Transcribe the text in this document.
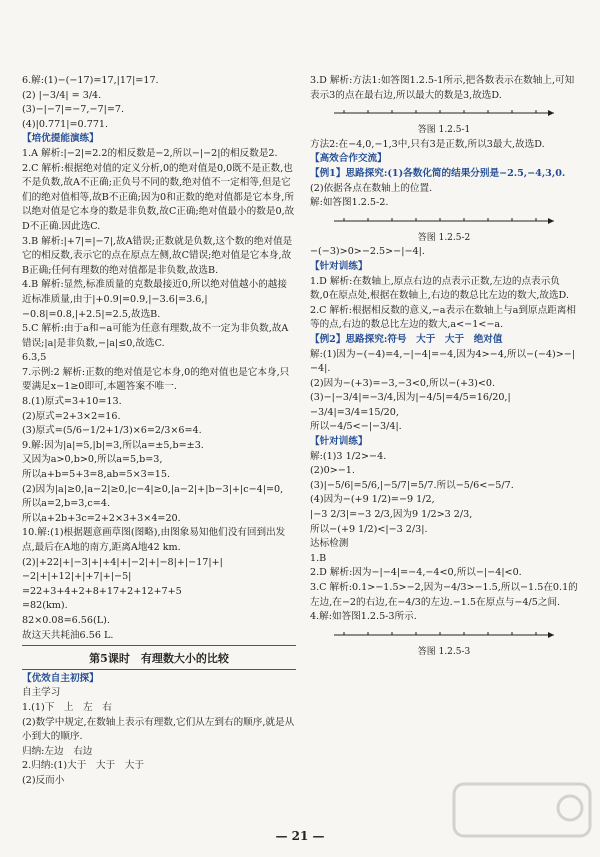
6.解:(1)−(−17)=17,|17|=17.

(2) |−3/4| = 3/4.

(3)−|−7|=−7,−7|=7.

(4)|0.771|=0.771.

【培优提能演练】

1.A 解析:|−2|=2.2的相反数是−2,所以−|−2|的相反数是2.

2.C 解析:根据绝对值的定义分析,0的绝对值是0,0既不是正数,也不是负数,故A不正确;正负号不同的数,绝对值不一定相等,但是它们的绝对值相等,故B不正确;因为0和正数的绝对值都是它本身,所以绝对值是它本身的数是非负数,故C正确;绝对值最小的数是0,故D不正确.因此选C.

3.B 解析:|+7|=|−7|,故A错误;正数就是负数,这个数的绝对值是它的相反数,表示它的点在原点左侧,故C错误;绝对值是它本身,故B正确;任何有理数的绝对值都是非负数,故选B.

4.B 解析:显然,标准质量的克数最接近0,所以绝对值越小的越接近标准质量,由于|+0.9|=0.9,|−3.6|=3.6,|−0.8|=0.8,|+2.5|=2.5,故选B.

5.C 解析:由于a和−a可能为任意有理数,故不一定为非负数,故A错误;|a|是非负数,−|a|≤0,故选C.

6.3,5

7.示例:2 解析:正数的绝对值是它本身,0的绝对值也是它本身,只要满足x−1≥0即可,本题答案不唯一.

8.(1)原式=3+10=13.

(2)原式=2+3×2=16.

(3)原式=(5/6−1/2+1/3)×6=2/3×6=4.

9.解:因为|a|=5,|b|=3,所以a=±5,b=±3.

又因为a>0,b>0,所以a=5,b=3,

所以a+b=5+3=8,ab=5×3=15.

(2)因为|a|≥0,|a−2|≥0,|c−4|≥0,|a−2|+|b−3|+|c−4|=0,

所以a=2,b=3,c=4.

所以a+2b+3c=2+2×3+3×4=20.

10.解:(1)根据题意画草图(图略),由图象易知他们没有回到出发点,最后在A地的南方,距离A地42 km.

(2)|+22|+|−3|+|+4|+|−2|+|−8|+|−17|+|−2|+|+12|+|+7|+|−5|

=22+3+4+2+8+17+2+12+7+5

=82(km).

82×0.08=6.56(L).

故这天共耗油6.56 L.

第5课时　有理数大小的比较

【优效自主初探】

自主学习

1.(1)下　上　左　右

(2)数学中规定,在数轴上表示有理数,它们从左到右的顺序,就是从小到大的顺序.

归纳:左边　右边

2.归纳:(1)大于　大于　大于

(2)反而小

3.D 解析:方法1:如答图1.2.5-1所示,把各数表示在数轴上,可知表示3的点在最右边,所以最大的数是3,故选D.

答图 1.2.5-1

方法2:在−4,0,−1,3中,只有3是正数,所以3最大,故选D.

【高效合作交流】

【例1】思路探究:(1)各数化简的结果分别是−2.5,−4,3,0.

(2)依据各点在数轴上的位置.

解:如答图1.2.5-2.

答图 1.2.5-2

−(−3)>0>−2.5>−|−4|.

【针对训练】

1.D 解析:在数轴上,原点右边的点表示正数,左边的点表示负数,0在原点处,根据在数轴上,右边的数总比左边的数大,故选D.

2.C 解析:根据相反数的意义,−a表示在数轴上与a到原点距离相等的点,右边的数总比左边的数大,a<−1<−a.

【例2】思路探究:符号　大于　大于　绝对值

解:(1)因为−(−4)=4,−|−4|=−4,因为4>−4,所以−(−4)>−|−4|.

(2)因为−(+3)=−3,−3<0,所以−(+3)<0.

(3)−|−3/4|=−3/4,因为|−4/5|=4/5=16/20,|−3/4|=3/4=15/20,

所以−4/5<−|−3/4|.

【针对训练】

解:(1)3 1/2>−4.

(2)0>−1.

(3)|−5/6|=5/6,|−5/7|=5/7.所以−5/6<−5/7.

(4)因为−(+9 1/2)=−9 1/2,

|−3 2/3|=−3 2/3,因为9 1/2>3 2/3,

所以−(+9 1/2)<|−3 2/3|.

达标检测

1.B

2.D 解析:因为−|−4|=−4,−4<0,所以−|−4|<0.

3.C 解析:0.1>−1.5>−2,因为−4/3>−1.5,所以−1.5在0.1的左边,在−2的右边,在−4/3的左边.−1.5在原点与−4/5之间.

4.解:如答图1.2.5-3所示.

答图 1.2.5-3

— 21 —
